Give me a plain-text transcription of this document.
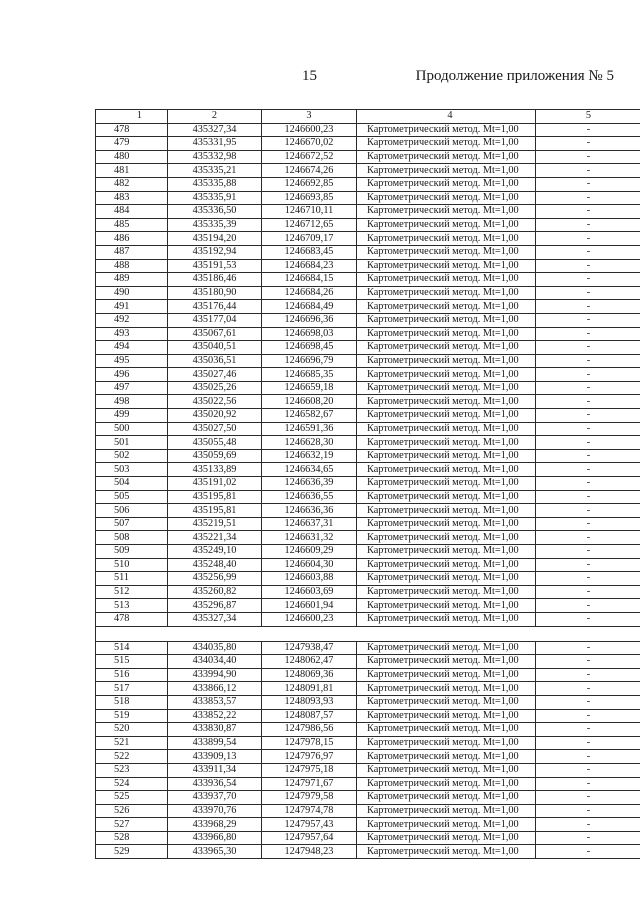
15	Продолжение приложения № 5
1	2	3	4	5
478	435327,34	1246600,23	Картометрический метод. Mt=1,00	-
479	435331,95	1246670,02	Картометрический метод. Mt=1,00	-
480	435332,98	1246672,52	Картометрический метод. Mt=1,00	-
481	435335,21	1246674,26	Картометрический метод. Mt=1,00	-
482	435335,88	1246692,85	Картометрический метод. Mt=1,00	-
483	435335,91	1246693,85	Картометрический метод. Mt=1,00	-
484	435336,50	1246710,11	Картометрический метод. Mt=1,00	-
485	435335,39	1246712,65	Картометрический метод. Mt=1,00	-
486	435194,20	1246709,17	Картометрический метод. Mt=1,00	-
487	435192,94	1246683,45	Картометрический метод. Mt=1,00	-
488	435191,53	1246684,23	Картометрический метод. Mt=1,00	-
489	435186,46	1246684,15	Картометрический метод. Mt=1,00	-
490	435180,90	1246684,26	Картометрический метод. Mt=1,00	-
491	435176,44	1246684,49	Картометрический метод. Mt=1,00	-
492	435177,04	1246696,36	Картометрический метод. Mt=1,00	-
493	435067,61	1246698,03	Картометрический метод. Mt=1,00	-
494	435040,51	1246698,45	Картометрический метод. Mt=1,00	-
495	435036,51	1246696,79	Картометрический метод. Mt=1,00	-
496	435027,46	1246685,35	Картометрический метод. Mt=1,00	-
497	435025,26	1246659,18	Картометрический метод. Mt=1,00	-
498	435022,56	1246608,20	Картометрический метод. Mt=1,00	-
499	435020,92	1246582,67	Картометрический метод. Mt=1,00	-
500	435027,50	1246591,36	Картометрический метод. Mt=1,00	-
501	435055,48	1246628,30	Картометрический метод. Mt=1,00	-
502	435059,69	1246632,19	Картометрический метод. Mt=1,00	-
503	435133,89	1246634,65	Картометрический метод. Mt=1,00	-
504	435191,02	1246636,39	Картометрический метод. Mt=1,00	-
505	435195,81	1246636,55	Картометрический метод. Mt=1,00	-
506	435195,81	1246636,36	Картометрический метод. Mt=1,00	-
507	435219,51	1246637,31	Картометрический метод. Mt=1,00	-
508	435221,34	1246631,32	Картометрический метод. Mt=1,00	-
509	435249,10	1246609,29	Картометрический метод. Mt=1,00	-
510	435248,40	1246604,30	Картометрический метод. Mt=1,00	-
511	435256,99	1246603,88	Картометрический метод. Mt=1,00	-
512	435260,82	1246603,69	Картометрический метод. Mt=1,00	-
513	435296,87	1246601,94	Картометрический метод. Mt=1,00	-
478	435327,34	1246600,23	Картометрический метод. Mt=1,00	-

514	434035,80	1247938,47	Картометрический метод. Mt=1,00	-
515	434034,40	1248062,47	Картометрический метод. Mt=1,00	-
516	433994,90	1248069,36	Картометрический метод. Mt=1,00	-
517	433866,12	1248091,81	Картометрический метод. Mt=1,00	-
518	433853,57	1248093,93	Картометрический метод. Mt=1,00	-
519	433852,22	1248087,57	Картометрический метод. Mt=1,00	-
520	433830,87	1247986,56	Картометрический метод. Mt=1,00	-
521	433899,54	1247978,15	Картометрический метод. Mt=1,00	-
522	433909,13	1247976,97	Картометрический метод. Mt=1,00	-
523	433911,34	1247975,18	Картометрический метод. Mt=1,00	-
524	433936,54	1247971,67	Картометрический метод. Mt=1,00	-
525	433937,70	1247979,58	Картометрический метод. Mt=1,00	-
526	433970,76	1247974,78	Картометрический метод. Mt=1,00	-
527	433968,29	1247957,43	Картометрический метод. Mt=1,00	-
528	433966,80	1247957,64	Картометрический метод. Mt=1,00	-
529	433965,30	1247948,23	Картометрический метод. Mt=1,00	-
